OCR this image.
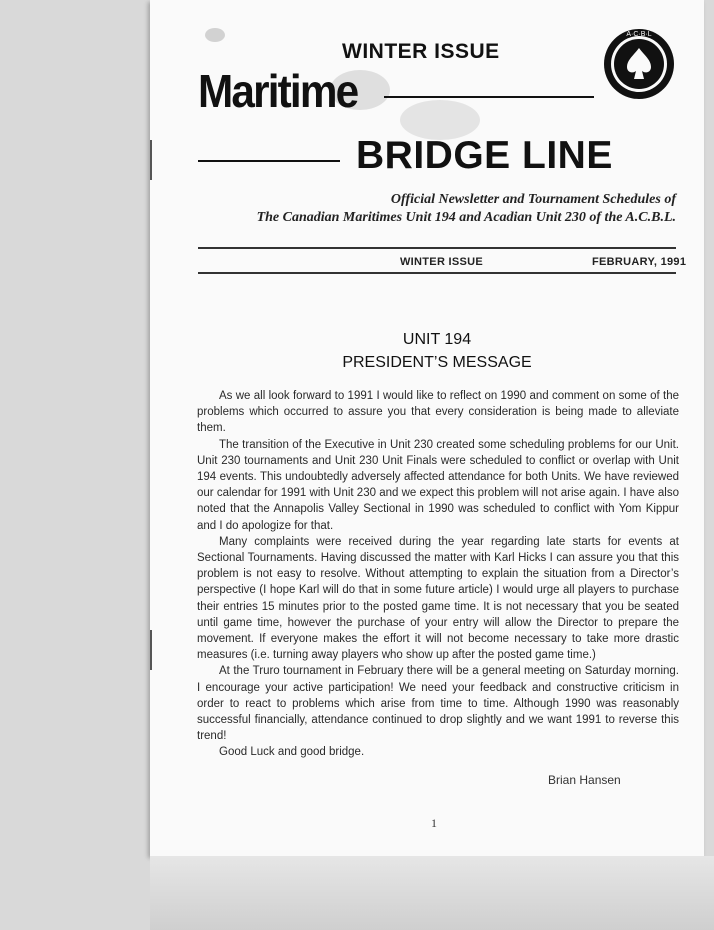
WINTER ISSUE
Maritime
BRIDGE LINE
A·C·B·L
Official Newsletter and Tournament Schedules of
The Canadian Maritimes Unit 194 and Acadian Unit 230 of the A.C.B.L.
WINTER ISSUE	FEBRUARY, 1991
UNIT 194
PRESIDENT’S MESSAGE

As we all look forward to 1991 I would like to reflect on 1990 and comment on some of the problems which occurred to assure you that every consideration is being made to alleviate them.

The transition of the Executive in Unit 230 created some scheduling problems for our Unit. Unit 230 tournaments and Unit 230 Unit Finals were scheduled to conflict or overlap with Unit 194 events. This undoubtedly adversely affected attendance for both Units. We have reviewed our calendar for 1991 with Unit 230 and we expect this problem will not arise again. I have also noted that the Annapolis Valley Sectional in 1990 was scheduled to conflict with Yom Kippur and I do apologize for that.

Many complaints were received during the year regarding late starts for events at Sectional Tournaments. Having discussed the matter with Karl Hicks I can assure you that this problem is not easy to resolve. Without attempting to explain the situation from a Director’s perspective (I hope Karl will do that in some future article) I would urge all players to purchase their entries 15 minutes prior to the posted game time. It is not necessary that you be seated until game time, however the purchase of your entry will allow the Director to prepare the movement. If everyone makes the effort it will not become necessary to take more drastic measures (i.e. turning away players who show up after the posted game time.)

At the Truro tournament in February there will be a general meeting on Saturday morning. I encourage your active participation! We need your feedback and constructive criticism in order to react to problems which arise from time to time. Although 1990 was reasonably successful financially, attendance continued to drop slightly and we want 1991 to reverse this trend!

Good Luck and good bridge.

Brian Hansen
1
